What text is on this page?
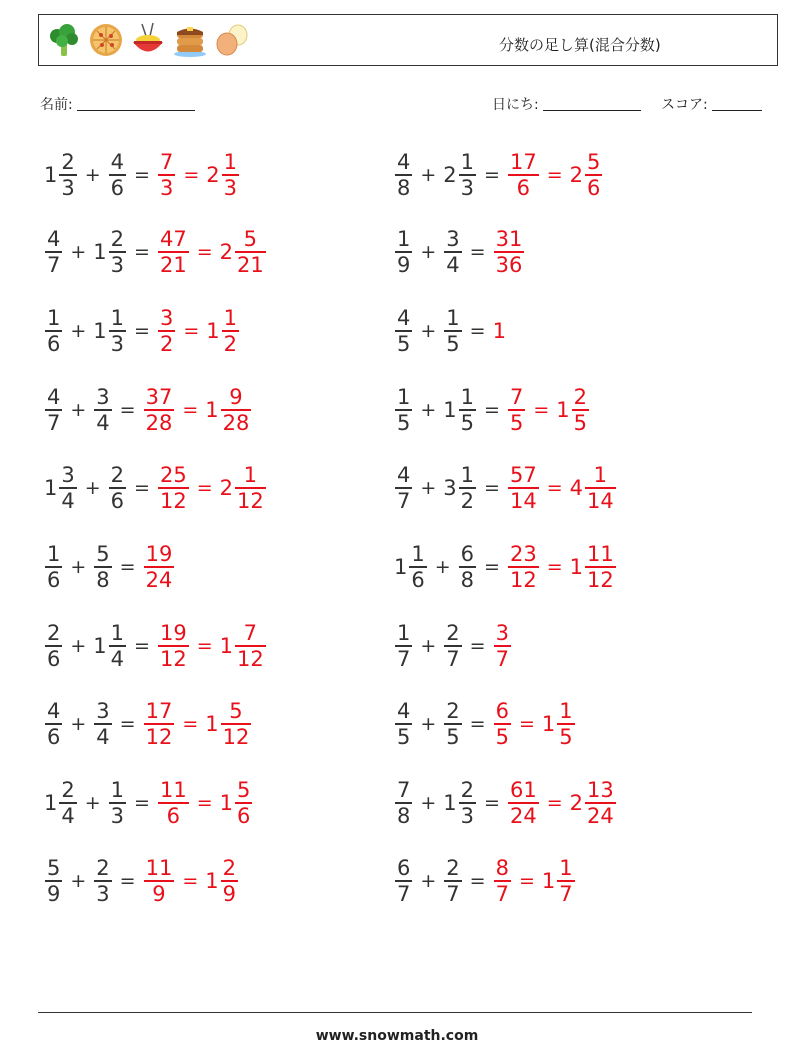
分数の足し算(混合分数)
名前:	日にち:	スコア:
$1 \frac{2}{3} + \frac{4}{6} = \frac{7}{3} = 2 \frac{1}{3}$	$\frac{4}{8} + 2 \frac{1}{3} = \frac{17}{6} = 2 \frac{5}{6}$
$\frac{4}{7} + 1 \frac{2}{3} = \frac{47}{21} = 2 \frac{5}{21}$	$\frac{1}{9} + \frac{3}{4} = \frac{31}{36}$
$\frac{1}{6} + 1 \frac{1}{3} = \frac{3}{2} = 1 \frac{1}{2}$	$\frac{4}{5} + \frac{1}{5} = 1$
$\frac{4}{7} + \frac{3}{4} = \frac{37}{28} = 1 \frac{9}{28}$	$\frac{1}{5} + 1 \frac{1}{5} = \frac{7}{5} = 1 \frac{2}{5}$
$1 \frac{3}{4} + \frac{2}{6} = \frac{25}{12} = 2 \frac{1}{12}$	$\frac{4}{7} + 3 \frac{1}{2} = \frac{57}{14} = 4 \frac{1}{14}$
$\frac{1}{6} + \frac{5}{8} = \frac{19}{24}$	$1 \frac{1}{6} + \frac{6}{8} = \frac{23}{12} = 1 \frac{11}{12}$
$\frac{2}{6} + 1 \frac{1}{4} = \frac{19}{12} = 1 \frac{7}{12}$	$\frac{1}{7} + \frac{2}{7} = \frac{3}{7}$
$\frac{4}{6} + \frac{3}{4} = \frac{17}{12} = 1 \frac{5}{12}$	$\frac{4}{5} + \frac{2}{5} = \frac{6}{5} = 1 \frac{1}{5}$
$1 \frac{2}{4} + \frac{1}{3} = \frac{11}{6} = 1 \frac{5}{6}$	$\frac{7}{8} + 1 \frac{2}{3} = \frac{61}{24} = 2 \frac{13}{24}$
$\frac{5}{9} + \frac{2}{3} = \frac{11}{9} = 1 \frac{2}{9}$	$\frac{6}{7} + \frac{2}{7} = \frac{8}{7} = 1 \frac{1}{7}$
www.snowmath.com
